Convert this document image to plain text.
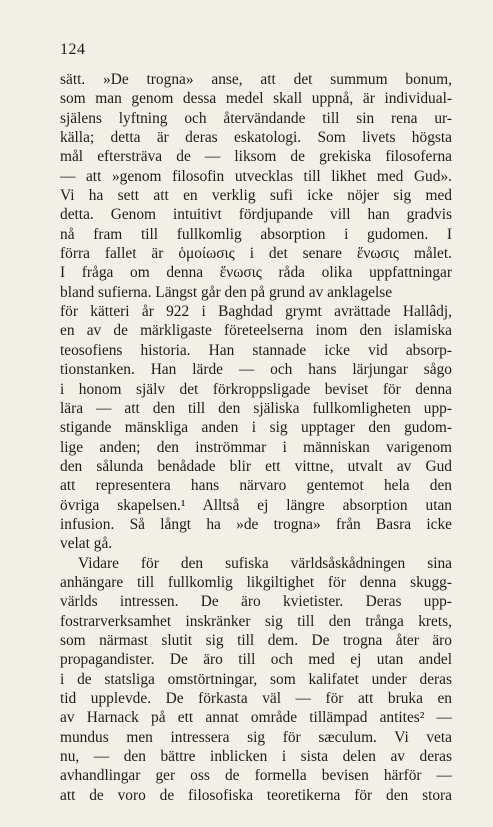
124
sätt. »De trogna» anse, att det summum bonum,
som man genom dessa medel skall uppnå, är individual-
själens lyftning och återvändande till sin rena ur-
källa; detta är deras eskatologi. Som livets högsta
mål eftersträva de — liksom de grekiska filosoferna
— att »genom filosofin utvecklas till likhet med Gud».
Vi ha sett att en verklig sufi icke nöjer sig med
detta. Genom intuitivt fördjupande vill han gradvis
nå fram till fullkomlig absorption i gudomen. I
förra fallet är ὁμοίωσις i det senare ἕνωσις målet.
I fråga om denna ἕνωσις råda olika uppfattningar
bland sufierna. Längst går den på grund av anklagelse
för kätteri år 922 i Baghdad grymt avrättade Hallâdj,
en av de märkligaste företeelserna inom den islamiska
teosofiens historia. Han stannade icke vid absorp-
tionstanken. Han lärde — och hans lärjungar sågo
i honom själv det förkroppsligade beviset för denna
lära — att den till den själiska fullkomligheten upp-
stigande mänskliga anden i sig upptager den gudom-
lige anden; den inströmmar i människan varigenom
den sålunda benådade blir ett vittne, utvalt av Gud
att representera hans närvaro gentemot hela den
övriga skapelsen.¹ Alltså ej längre absorption utan
infusion. Så långt ha »de trogna» från Basra icke
velat gå.
Vidare för den sufiska världsåskådningen sina
anhängare till fullkomlig likgiltighet för denna skugg-
världs intressen. De äro kvietister. Deras upp-
fostrarverksamhet inskränker sig till den trånga krets,
som närmast slutit sig till dem. De trogna åter äro
propagandister. De äro till och med ej utan andel
i de statsliga omstörtningar, som kalifatet under deras
tid upplevde. De förkasta väl — för att bruka en
av Harnack på ett annat område tillämpad antites² —
mundus men intressera sig för sæculum. Vi veta
nu, — den bättre inblicken i sista delen av deras
avhandlingar ger oss de formella bevisen härför —
att de voro de filosofiska teoretikerna för den stora
